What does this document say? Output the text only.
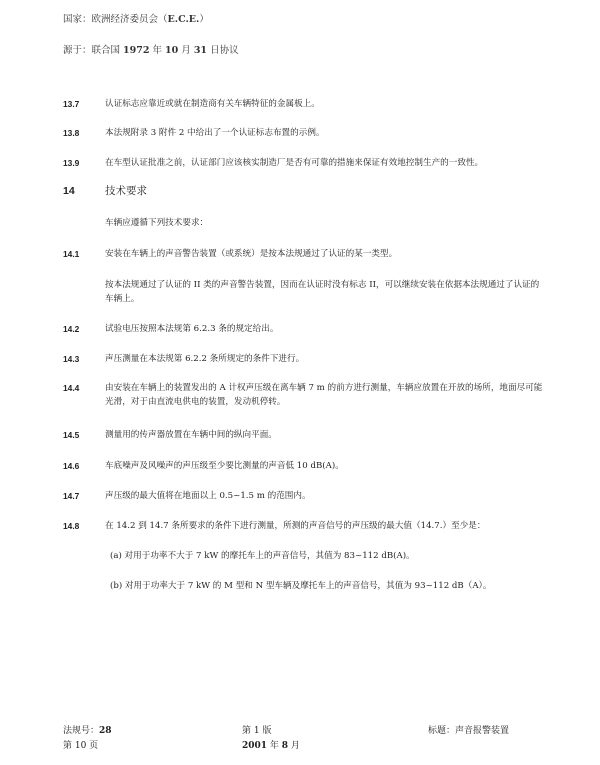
国家：欧洲经济委员会（E.C.E.）
源于：联合国 1972 年 10 月 31 日协议
13.7	认证标志应靠近或就在制造商有关车辆特征的金属板上。
13.8	本法规附录 3 附件 2 中给出了一个认证标志布置的示例。
13.9	在车型认证批准之前，认证部门应该核实制造厂是否有可靠的措施来保证有效地控制生产的一致性。
14	技术要求
车辆应遵循下列技术要求：
14.1	安装在车辆上的声音警告装置（或系统）是按本法规通过了认证的某一类型。
按本法规通过了认证的 II 类的声音警告装置，因而在认证时没有标志 II，可以继续安装在依据本法规通过了认证的车辆上。
14.2	试验电压按照本法规第 6.2.3 条的规定给出。
14.3	声压测量在本法规第 6.2.2 条所规定的条件下进行。
14.4	由安装在车辆上的装置发出的 A 计权声压级在离车辆 7 m 的前方进行测量，车辆应放置在开放的场所，地面尽可能光滑，对于由直流电供电的装置，发动机停转。
14.5	测量用的传声器放置在车辆中间的纵向平面。
14.6	车底噪声及风噪声的声压级至少要比测量的声音低 10 dB(A)。
14.7	声压级的最大值将在地面以上 0.5~1.5 m 的范围内。
14.8	在 14.2 到 14.7 条所要求的条件下进行测量，所测的声音信号的声压级的最大值（14.7.）至少是：
(a) 对用于功率不大于 7 kW 的摩托车上的声音信号，其值为 83~112 dB(A)。
(b) 对用于功率大于 7 kW 的 M 型和 N 型车辆及摩托车上的声音信号，其值为 93~112 dB（A）。
法规号：28
第 10 页
第 1 版
2001 年 8 月
标题：声音报警装置
